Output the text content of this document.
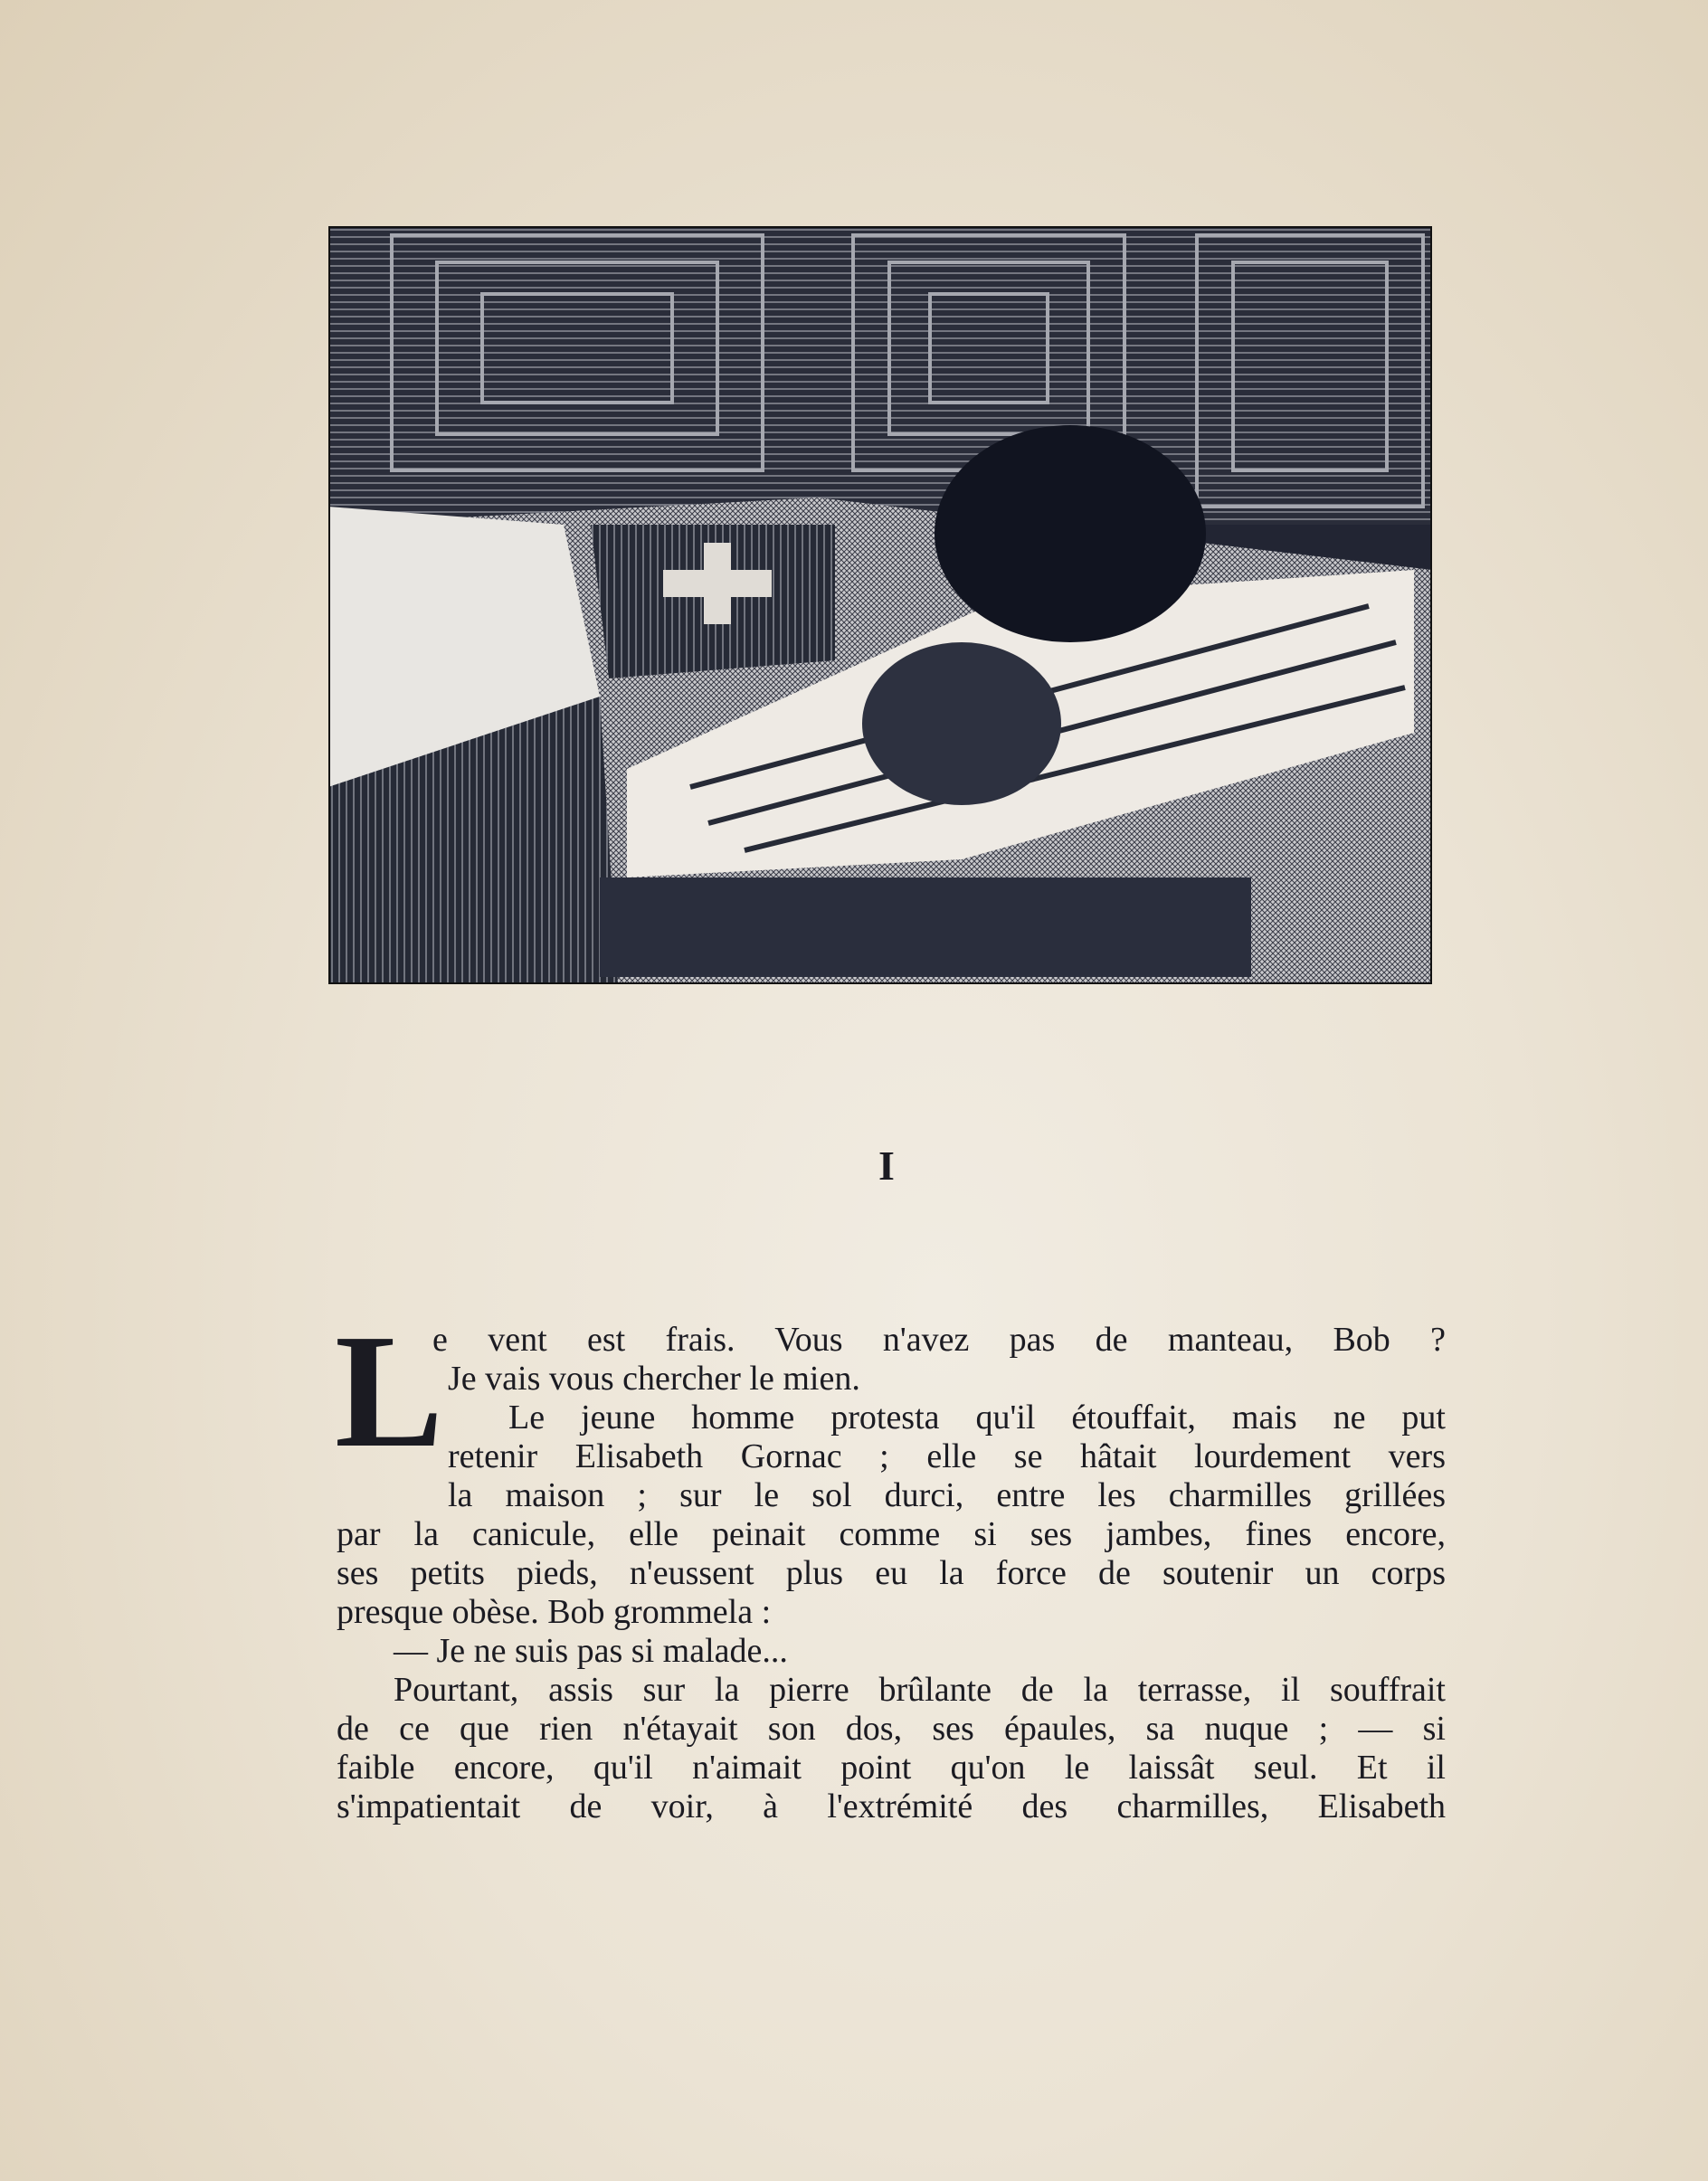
I
L
e vent est frais. Vous n'avez pas de manteau, Bob ?
Je vais vous chercher le mien.
Le jeune homme protesta qu'il étouffait, mais ne put
retenir Elisabeth Gornac ; elle se hâtait lourdement vers
la maison ; sur le sol durci, entre les charmilles grillées
par la canicule, elle peinait comme si ses jambes, fines encore,
ses petits pieds, n'eussent plus eu la force de soutenir un corps
presque obèse. Bob grommela :
— Je ne suis pas si malade...
Pourtant, assis sur la pierre brûlante de la terrasse, il souffrait
de ce que rien n'étayait son dos, ses épaules, sa nuque ; — si
faible encore, qu'il n'aimait point qu'on le laissât seul. Et il
s'impatientait de voir, à l'extrémité des charmilles, Elisabeth
